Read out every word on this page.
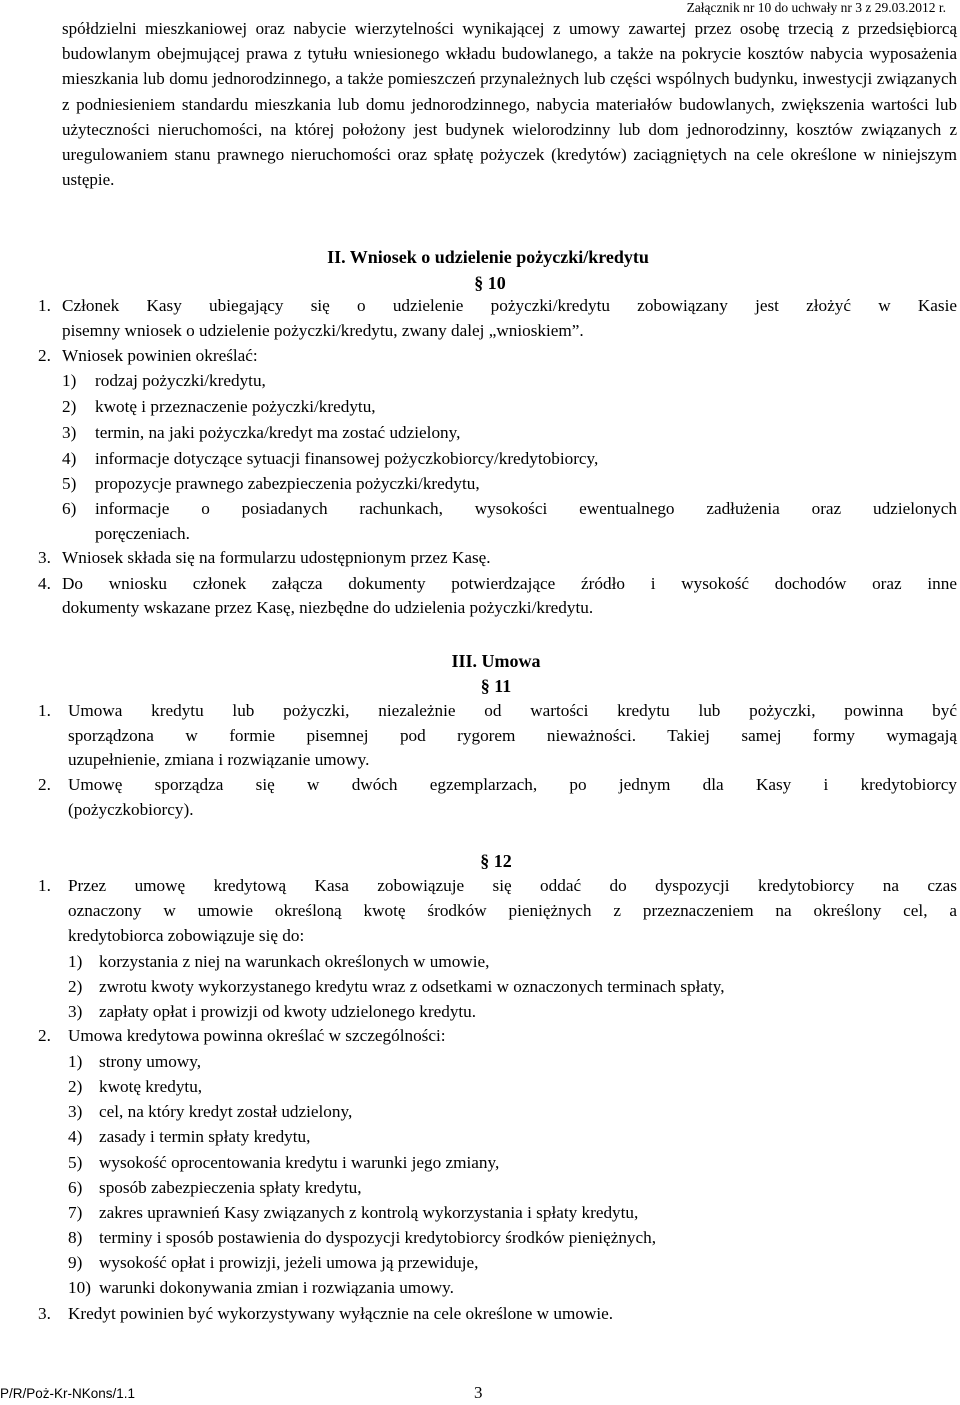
Załącznik nr 10 do uchwały nr 3 z 29.03.2012 r.

spółdzielni mieszkaniowej oraz nabycie wierzytelności wynikającej z umowy zawartej przez osobę trzecią z przedsiębiorcą budowlanym obejmującej prawa z tytułu wniesionego wkładu budowlanego, a także na pokrycie kosztów nabycia wyposażenia mieszkania lub domu jednorodzinnego, a także pomieszczeń przynależnych lub części wspólnych budynku, inwestycji związanych z podniesieniem standardu mieszkania lub domu jednorodzinnego, nabycia materiałów budowlanych, zwiększenia wartości lub użyteczności nieruchomości, na której położony jest budynek wielorodzinny lub dom jednorodzinny, kosztów związanych z uregulowaniem stanu prawnego nieruchomości oraz spłatę pożyczek (kredytów) zaciągniętych na cele określone w niniejszym ustępie.

II. Wniosek o udzielenie pożyczki/kredytu
§ 10
1. Członek Kasy ubiegający się o udzielenie pożyczki/kredytu zobowiązany jest złożyć w Kasie
pisemny wniosek o udzielenie pożyczki/kredytu, zwany dalej „wnioskiem”.
2. Wniosek powinien określać:
1) rodzaj pożyczki/kredytu,
2) kwotę i przeznaczenie pożyczki/kredytu,
3) termin, na jaki pożyczka/kredyt ma zostać udzielony,
4) informacje dotyczące sytuacji finansowej pożyczkobiorcy/kredytobiorcy,
5) propozycje prawnego zabezpieczenia pożyczki/kredytu,
6) informacje o posiadanych rachunkach, wysokości ewentualnego zadłużenia oraz udzielonych
poręczeniach.
3. Wniosek składa się na formularzu udostępnionym przez Kasę.
4. Do wniosku członek załącza dokumenty potwierdzające źródło i wysokość dochodów oraz inne
dokumenty wskazane przez Kasę, niezbędne do udzielenia pożyczki/kredytu.
III. Umowa
§ 11
1. Umowa kredytu lub pożyczki, niezależnie od wartości kredytu lub pożyczki, powinna być
sporządzona w formie pisemnej pod rygorem nieważności. Takiej samej formy wymagają
uzupełnienie, zmiana i rozwiązanie umowy.
2. Umowę sporządza się w dwóch egzemplarzach, po jednym dla Kasy i kredytobiorcy
(pożyczkobiorcy).
§ 12
1. Przez umowę kredytową Kasa zobowiązuje się oddać do dyspozycji kredytobiorcy na czas
oznaczony w umowie określoną kwotę środków pieniężnych z przeznaczeniem na określony cel, a
kredytobiorca zobowiązuje się do:
1) korzystania z niej na warunkach określonych w umowie,
2) zwrotu kwoty wykorzystanego kredytu wraz z odsetkami w oznaczonych terminach spłaty,
3) zapłaty opłat i prowizji od kwoty udzielonego kredytu.
2. Umowa kredytowa powinna określać w szczególności:
1) strony umowy,
2) kwotę kredytu,
3) cel, na który kredyt został udzielony,
4) zasady i termin spłaty kredytu,
5) wysokość oprocentowania kredytu i warunki jego zmiany,
6) sposób zabezpieczenia spłaty kredytu,
7) zakres uprawnień Kasy związanych z kontrolą wykorzystania i spłaty kredytu,
8) terminy i sposób postawienia do dyspozycji kredytobiorcy środków pieniężnych,
9) wysokość opłat i prowizji, jeżeli umowa ją przewiduje,
10) warunki dokonywania zmian i rozwiązania umowy.
3. Kredyt powinien być wykorzystywany wyłącznie na cele określone w umowie.
P/R/Poż-Kr-NKons/1.1	3
